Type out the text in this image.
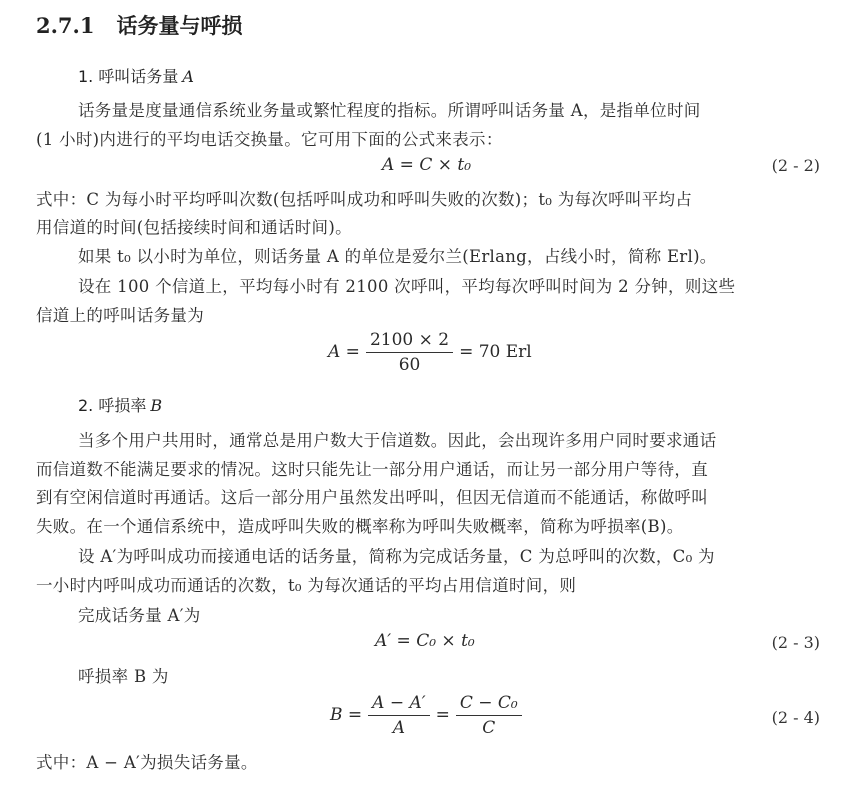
2.7.1 话务量与呼损
1. 呼叫话务量 A
话务量是度量通信系统业务量或繁忙程度的指标。所谓呼叫话务量 A，是指单位时间
(1 小时)内进行的平均电话交换量。它可用下面的公式来表示：
A = C × t₀	(2 - 2)
式中：C 为每小时平均呼叫次数(包括呼叫成功和呼叫失败的次数)；t₀ 为每次呼叫平均占
用信道的时间(包括接续时间和通话时间)。
如果 t₀ 以小时为单位，则话务量 A 的单位是爱尔兰(Erlang，占线小时，简称 Erl)。
设在 100 个信道上，平均每小时有 2100 次呼叫，平均每次呼叫时间为 2 分钟，则这些
信道上的呼叫话务量为
$A = \frac{2100 \times 2}{60} = 70$ Erl
2. 呼损率 B
当多个用户共用时，通常总是用户数大于信道数。因此，会出现许多用户同时要求通话
而信道数不能满足要求的情况。这时只能先让一部分用户通话，而让另一部分用户等待，直
到有空闲信道时再通话。这后一部分用户虽然发出呼叫，但因无信道而不能通话，称做呼叫
失败。在一个通信系统中，造成呼叫失败的概率称为呼叫失败概率，简称为呼损率(B)。
设 A′为呼叫成功而接通电话的话务量，简称为完成话务量，C 为总呼叫的次数，C₀ 为
一小时内呼叫成功而通话的次数，t₀ 为每次通话的平均占用信道时间，则
完成话务量 A′为
A′ = C₀ × t₀	(2 - 3)
呼损率 B 为
$B = \frac{A - A'}{A} = \frac{\text{C − C₀}}{C}$	(2 - 4)
式中：A − A′为损失话务量。
